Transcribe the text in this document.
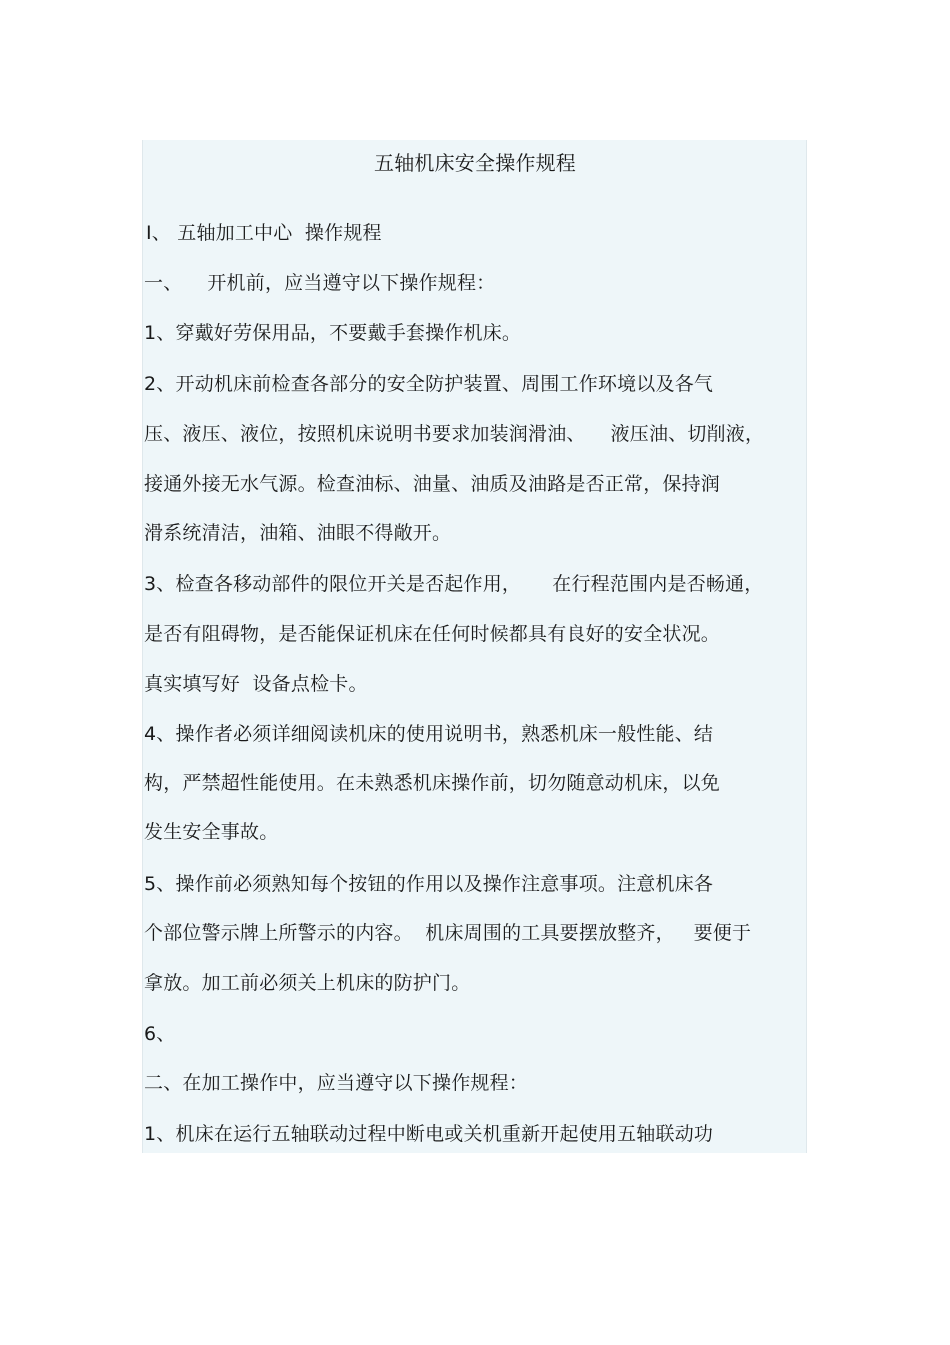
五轴机床安全操作规程
Ⅰ、 五轴加工中心  操作规程
一、    开机前，应当遵守以下操作规程：
1、穿戴好劳保用品，不要戴手套操作机床。
2、开动机床前检查各部分的安全防护装置、周围工作环境以及各气
压、液压、液位，按照机床说明书要求加装润滑油、    液压油、切削液，
接通外接无水气源。检查油标、油量、油质及油路是否正常，保持润
滑系统清洁，油箱、油眼不得敞开。
3、检查各移动部件的限位开关是否起作用，     在行程范围内是否畅通，
是否有阻碍物，是否能保证机床在任何时候都具有良好的安全状况。
真实填写好  设备点检卡。
4、操作者必须详细阅读机床的使用说明书，熟悉机床一般性能、结
构，严禁超性能使用。在未熟悉机床操作前，切勿随意动机床，以免
发生安全事故。
5、操作前必须熟知每个按钮的作用以及操作注意事项。注意机床各
个部位警示牌上所警示的内容。  机床周围的工具要摆放整齐，   要便于
拿放。加工前必须关上机床的防护门。
6、
二、在加工操作中，应当遵守以下操作规程：
1、机床在运行五轴联动过程中断电或关机重新开起使用五轴联动功
